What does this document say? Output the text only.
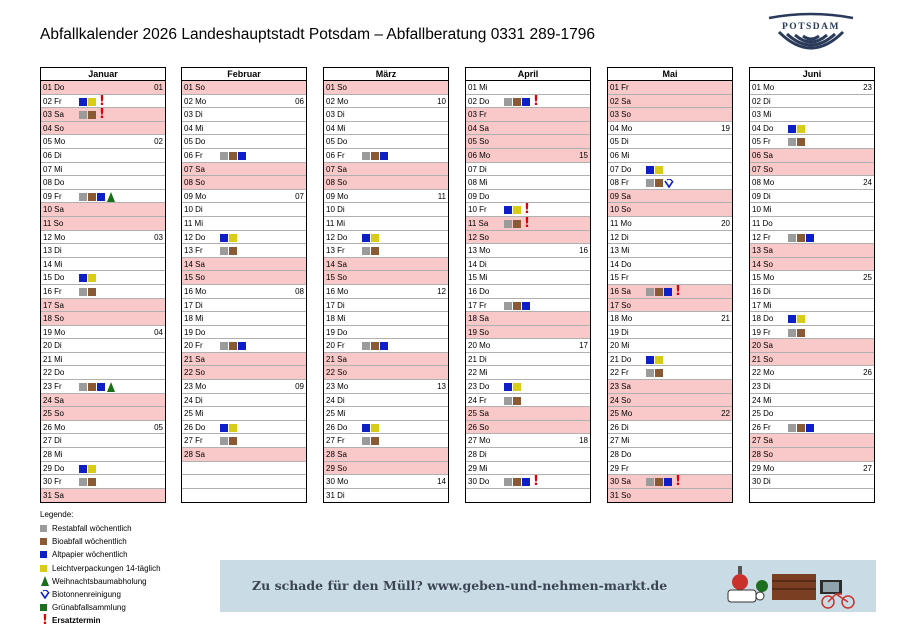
Abfallkalender 2026 Landeshauptstadt Potsdam – Abfallberatung 0331 289-1796	POTSDAM
Januar
01 Do	01
02 Fr	!
03 Sa	!
04 So
05 Mo	02
06 Di
07 Mi
08 Do
09 Fr
10 Sa
11 So
12 Mo	03
13 Di
14 Mi
15 Do
16 Fr
17 Sa
18 So
19 Mo	04
20 Di
21 Mi
22 Do
23 Fr
24 Sa
25 So
26 Mo	05
27 Di
28 Mi
29 Do
30 Fr
31 Sa
Februar
01 So
02 Mo	06
03 Di
04 Mi
05 Do
06 Fr
07 Sa
08 So
09 Mo	07
10 Di
11 Mi
12 Do
13 Fr
14 Sa
15 So
16 Mo	08
17 Di
18 Mi
19 Do
20 Fr
21 Sa
22 So
23 Mo	09
24 Di
25 Mi
26 Do
27 Fr
28 Sa
März
01 So
02 Mo	10
03 Di
04 Mi
05 Do
06 Fr
07 Sa
08 So
09 Mo	11
10 Di
11 Mi
12 Do
13 Fr
14 Sa
15 So
16 Mo	12
17 Di
18 Mi
19 Do
20 Fr
21 Sa
22 So
23 Mo	13
24 Di
25 Mi
26 Do
27 Fr
28 Sa
29 So
30 Mo	14
31 Di
April
01 Mi
02 Do	!
03 Fr
04 Sa
05 So
06 Mo	15
07 Di
08 Mi
09 Do
10 Fr	!
11 Sa	!
12 So
13 Mo	16
14 Di
15 Mi
16 Do
17 Fr
18 Sa
19 So
20 Mo	17
21 Di
22 Mi
23 Do
24 Fr
25 Sa
26 So
27 Mo	18
28 Di
29 Mi
30 Do	!
Mai
01 Fr
02 Sa
03 So
04 Mo	19
05 Di
06 Mi
07 Do
08 Fr
09 Sa
10 So
11 Mo	20
12 Di
13 Mi
14 Do
15 Fr
16 Sa	!
17 So
18 Mo	21
19 Di
20 Mi
21 Do
22 Fr
23 Sa
24 So
25 Mo	22
26 Di
27 Mi
28 Do
29 Fr
30 Sa	!
31 So
Juni
01 Mo	23
02 Di
03 Mi
04 Do
05 Fr
06 Sa
07 So
08 Mo	24
09 Di
10 Mi
11 Do
12 Fr
13 Sa
14 So
15 Mo	25
16 Di
17 Mi
18 Do
19 Fr
20 Sa
21 So
22 Mo	26
23 Di
24 Mi
25 Do
26 Fr
27 Sa
28 So
29 Mo	27
30 Di
Legende:
Restabfall wöchentlich
Bioabfall wöchentlich
Altpapier wöchentlich
Leichtverpackungen 14-täglich
Weihnachtsbaumabholung
Biotonnenreinigung
Grünabfallsammlung
! Ersatztermin
Zu schade für den Müll? www.geben-und-nehmen-markt.de
